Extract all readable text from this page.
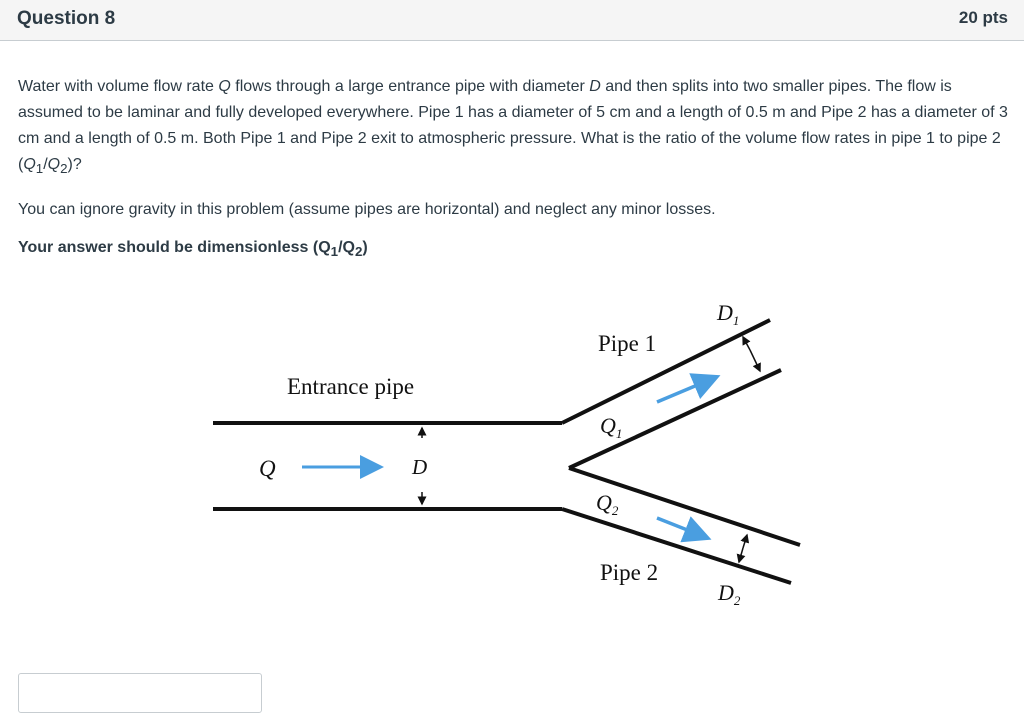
Question 8	20 pts

Water with volume flow rate Q flows through a large entrance pipe with diameter D and then splits into two smaller pipes. The flow is assumed to be laminar and fully developed everywhere. Pipe 1 has a diameter of 5 cm and a length of 0.5 m and Pipe 2 has a diameter of 3 cm and a length of 0.5 m. Both Pipe 1 and Pipe 2 exit to atmospheric pressure. What is the ratio of the volume flow rates in pipe 1 to pipe 2 $(Q_1/Q_2)$?

You can ignore gravity in this problem (assume pipes are horizontal) and neglect any minor losses.

Your answer should be dimensionless $(Q_1/Q_2)$

Entrance pipe
Pipe 1
Pipe 2
Q	D
$Q_1$
$Q_2$
$D_1$
$D_2$
